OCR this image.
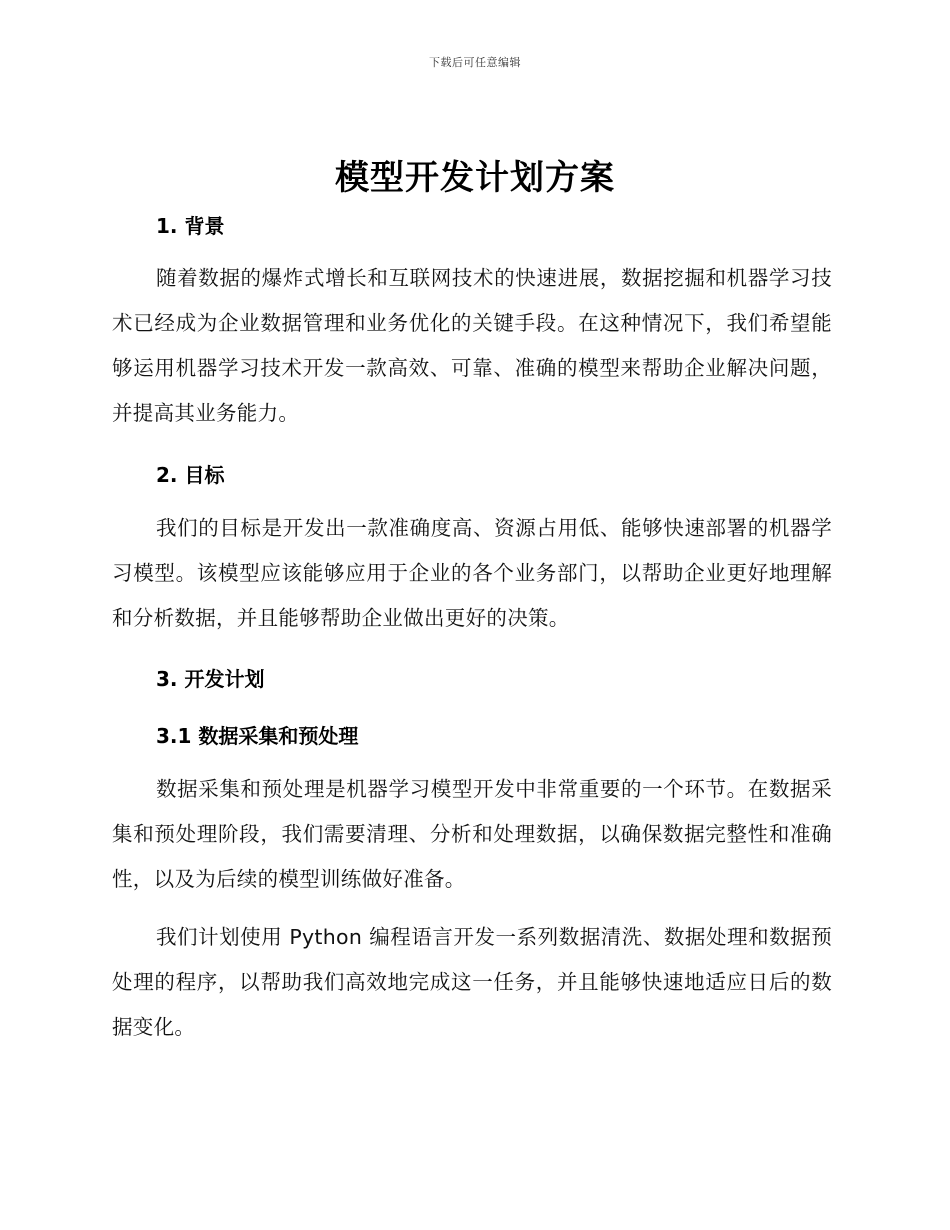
下载后可任意编辑
模型开发计划方案
1. 背景

随着数据的爆炸式增长和互联网技术的快速进展，数据挖掘和机器学习技术已经成为企业数据管理和业务优化的关键手段。在这种情况下，我们希望能够运用机器学习技术开发一款高效、可靠、准确的模型来帮助企业解决问题，并提高其业务能力。

2. 目标

我们的目标是开发出一款准确度高、资源占用低、能够快速部署的机器学习模型。该模型应该能够应用于企业的各个业务部门，以帮助企业更好地理解和分析数据，并且能够帮助企业做出更好的决策。

3. 开发计划
3.1 数据采集和预处理

数据采集和预处理是机器学习模型开发中非常重要的一个环节。在数据采集和预处理阶段，我们需要清理、分析和处理数据，以确保数据完整性和准确性，以及为后续的模型训练做好准备。

我们计划使用 Python 编程语言开发一系列数据清洗、数据处理和数据预处理的程序，以帮助我们高效地完成这一任务，并且能够快速地适应日后的数据变化。
